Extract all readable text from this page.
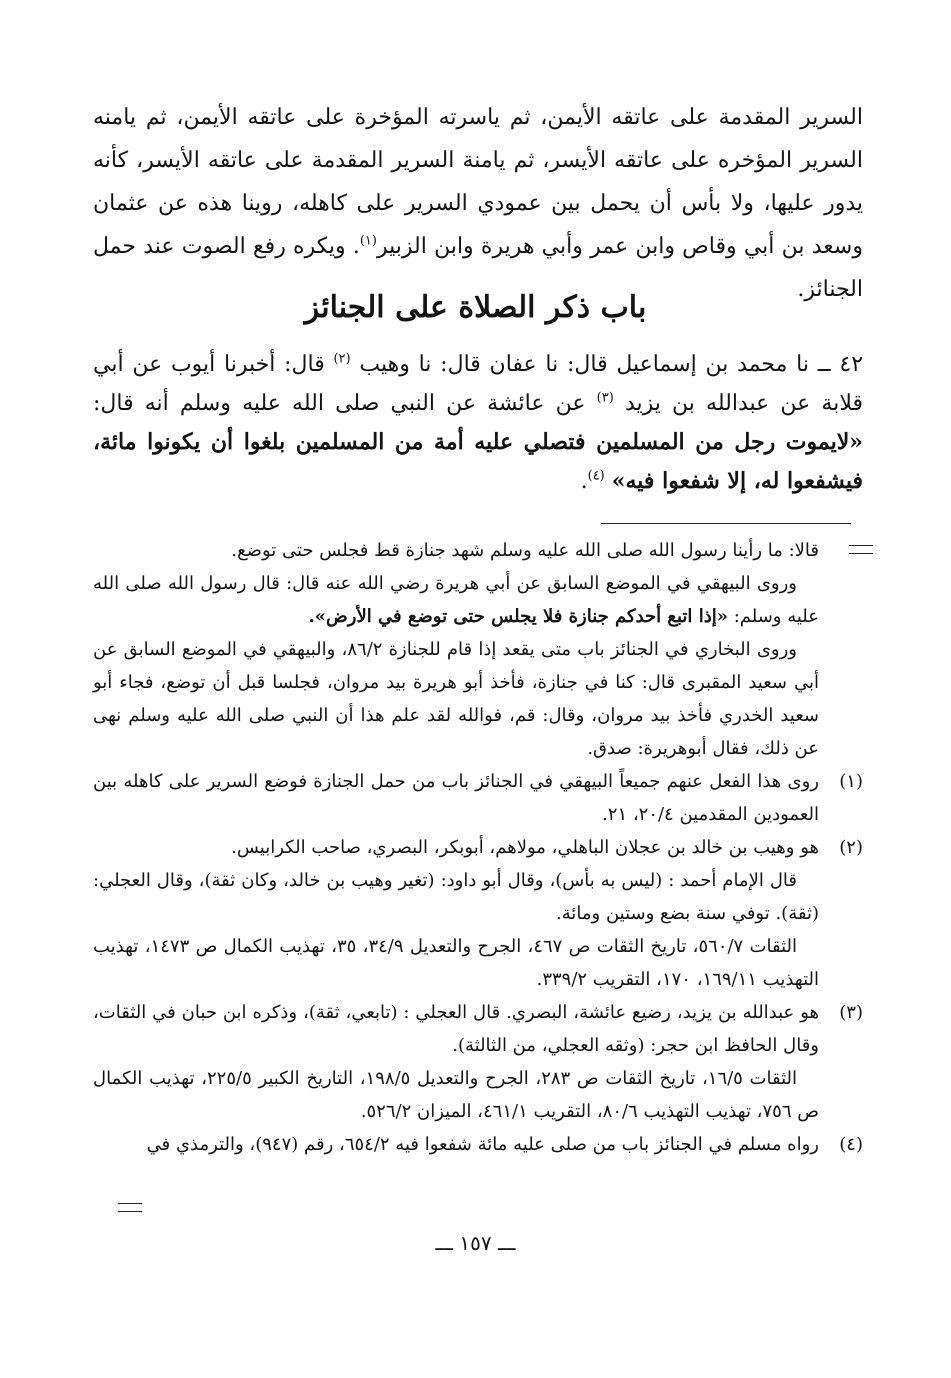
السرير المقدمة على عاتقه الأيمن، ثم ياسرته المؤخرة على عاتقه الأيمن، ثم يامنه السرير المؤخره على عاتقه الأيسر، ثم يامنة السرير المقدمة على عاتقه الأيسر، كأنه يدور عليها، ولا بأس أن يحمل بين عمودي السرير على كاهله، روينا هذه عن عثمان وسعد بن أبي وقاص وابن عمر وأبي هريرة وابن الزبير$^{(١)}$. ويكره رفع الصوت عند حمل الجنائز.

باب ذكر الصلاة على الجنائز

٤٢ ــ نا محمد بن إسماعيل قال: نا عفان قال: نا وهيب $^{(٢)}$ قال: أخبرنا أيوب عن أبي قلابة عن عبدالله بن يزيد $^{(٣)}$ عن عائشة عن النبي صلى الله عليه وسلم أنه قال: «لايموت رجل من المسلمين فتصلي عليه أمة من المسلمين بلغوا أن يكونوا مائة، فيشفعوا له، إلا شفعوا فيه» $^{(٤)}$.

قالا: ما رأينا رسول الله صلى الله عليه وسلم شهد جنازة قط فجلس حتى توضع.
وروى البيهقي في الموضع السابق عن أبي هريرة رضي الله عنه قال: قال رسول الله صلى الله عليه وسلم: «إذا اتبع أحدكم جنازة فلا يجلس حتى توضع في الأرض».
وروى البخاري في الجنائز باب متى يقعد إذا قام للجنازة ٨٦/٢، والبيهقي في الموضع السابق عن أبي سعيد المقبرى قال: كنا في جنازة، فأخذ أبو هريرة بيد مروان، فجلسا قبل أن توضع، فجاء أبو سعيد الخدري فأخذ بيد مروان، وقال: قم، فوالله لقد علم هذا أن النبي صلى الله عليه وسلم نهى عن ذلك، فقال أبوهريرة: صدق.
(١)

روى هذا الفعل عنهم جميعاً البيهقي في الجنائز باب من حمل الجنازة فوضع السرير على كاهله بين العمودين المقدمين ٢٠/٤، ٢١.

(٢)

هو وهيب بن خالد بن عجلان الباهلي، مولاهم، أبوبكر، البصري، صاحب الكرابيس.

قال الإمام أحمد : (ليس به بأس)، وقال أبو داود: (تغير وهيب بن خالد، وكان ثقة)، وقال العجلي: (ثقة). توفي سنة بضع وستين ومائة.

الثقات ٥٦٠/٧، تاريخ الثقات ص ٤٦٧، الجرح والتعديل ٣٤/٩، ٣٥، تهذيب الكمال ص ١٤٧٣، تهذيب التهذيب ١٦٩/١١، ١٧٠، التقريب ٣٣٩/٢.

(٣)

هو عبدالله بن يزيد، رضيع عائشة، البصري. قال العجلي : (تابعي، ثقة)، وذكره ابن حبان في الثقات، وقال الحافظ ابن حجر: (وثقه العجلي، من الثالثة).

الثقات ١٦/٥، تاريخ الثقات ص ٢٨٣، الجرح والتعديل ١٩٨/٥، التاريخ الكبير ٢٢٥/٥، تهذيب الكمال ص ٧٥٦، تهذيب التهذيب ٨٠/٦، التقريب ٤٦١/١، الميزان ٥٢٦/٢.

(٤)

رواه مسلم في الجنائز باب من صلى عليه مائة شفعوا فيه ٦٥٤/٢، رقم (٩٤٧)، والترمذي في

ـــ ١٥٧ ـــ
